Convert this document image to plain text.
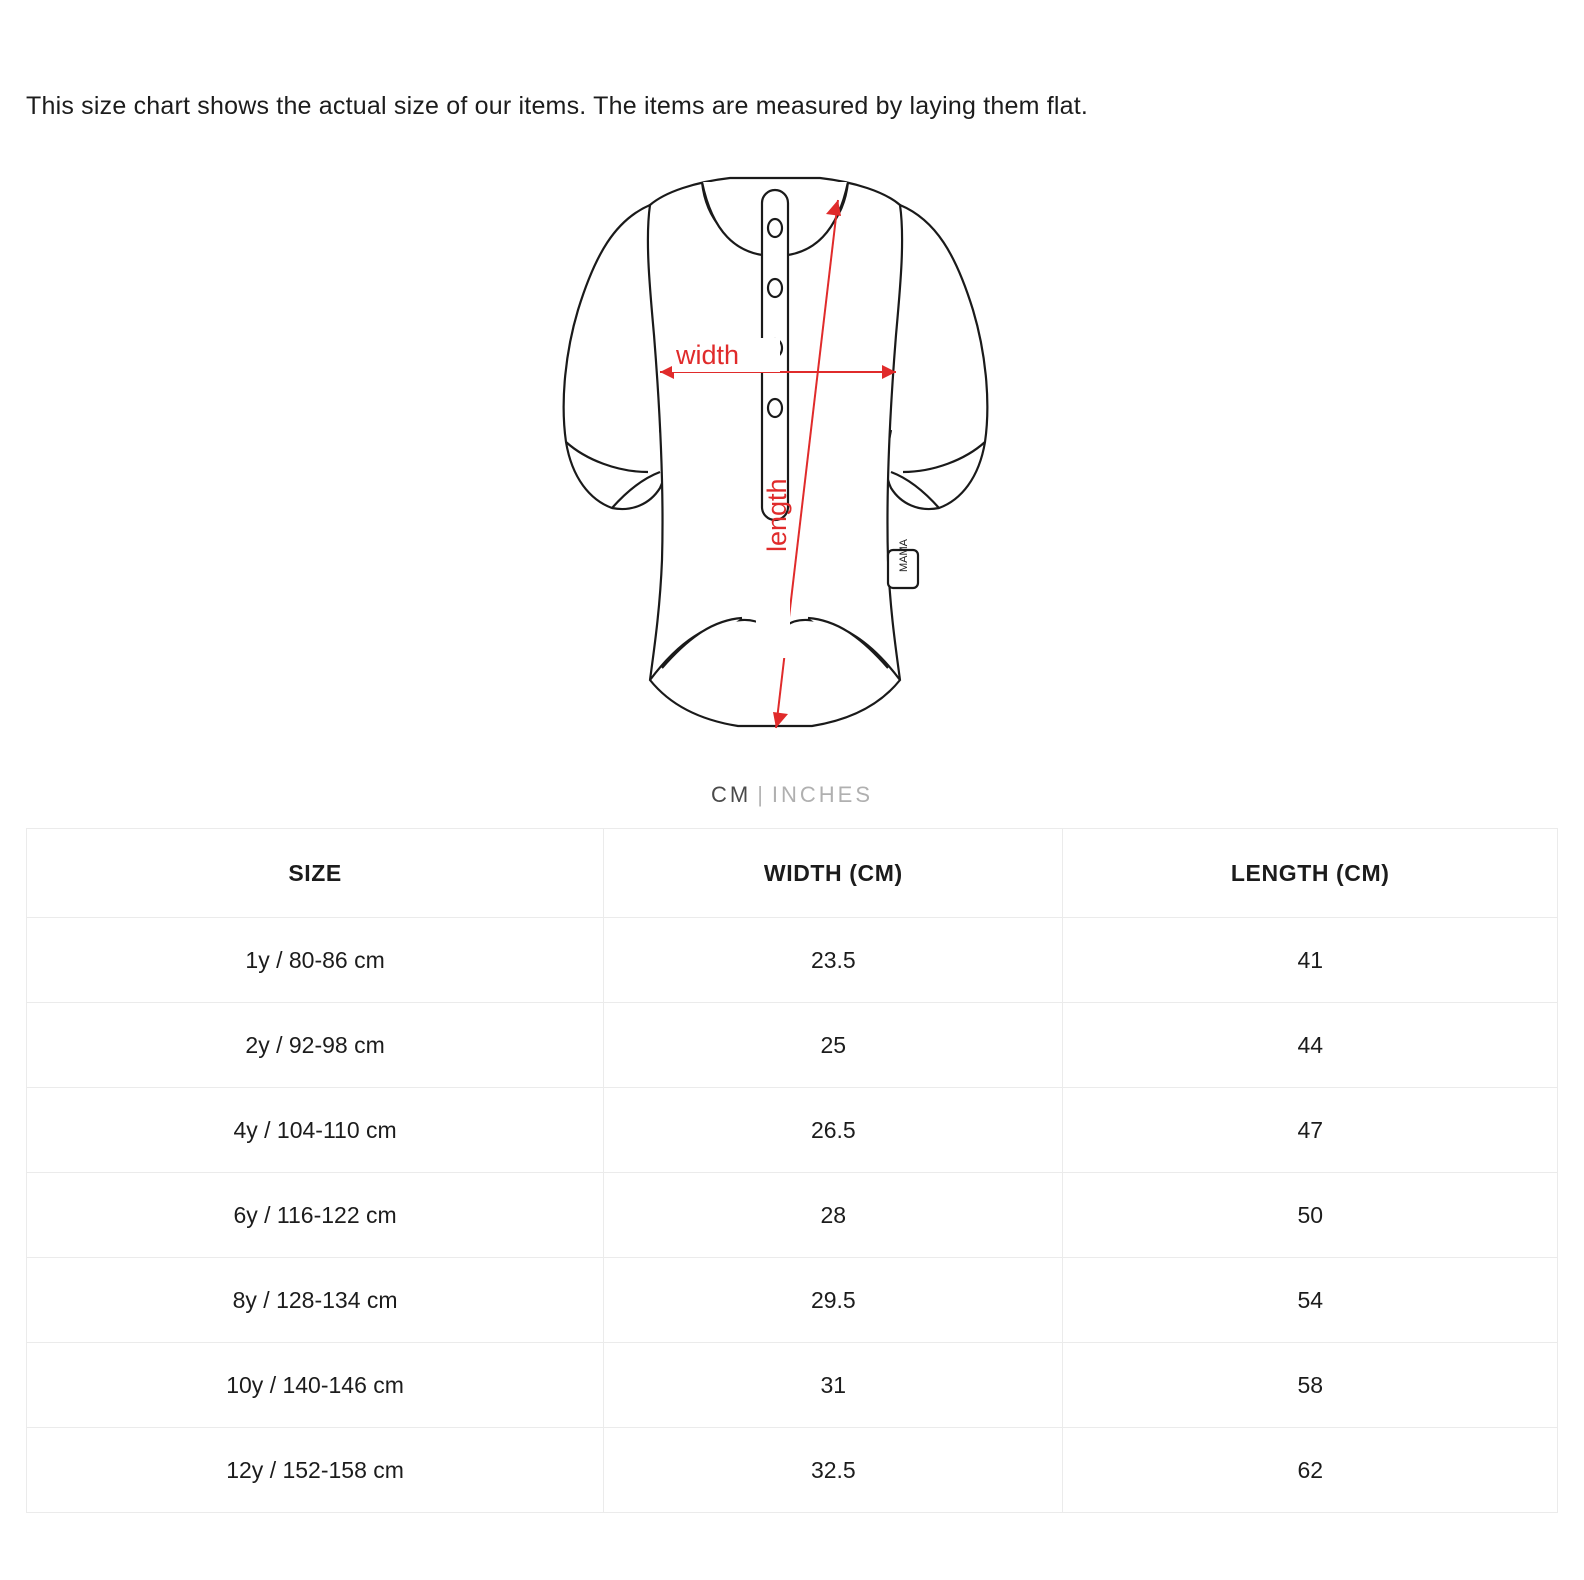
This size chart shows the actual size of our items. The items are measured by laying them flat.
MAMA
width
length
CM | INCHES
SIZE	WIDTH (CM)	LENGTH (CM)
1y / 80-86 cm	23.5	41
2y / 92-98 cm	25	44
4y / 104-110 cm	26.5	47
6y / 116-122 cm	28	50
8y / 128-134 cm	29.5	54
10y / 140-146 cm	31	58
12y / 152-158 cm	32.5	62
